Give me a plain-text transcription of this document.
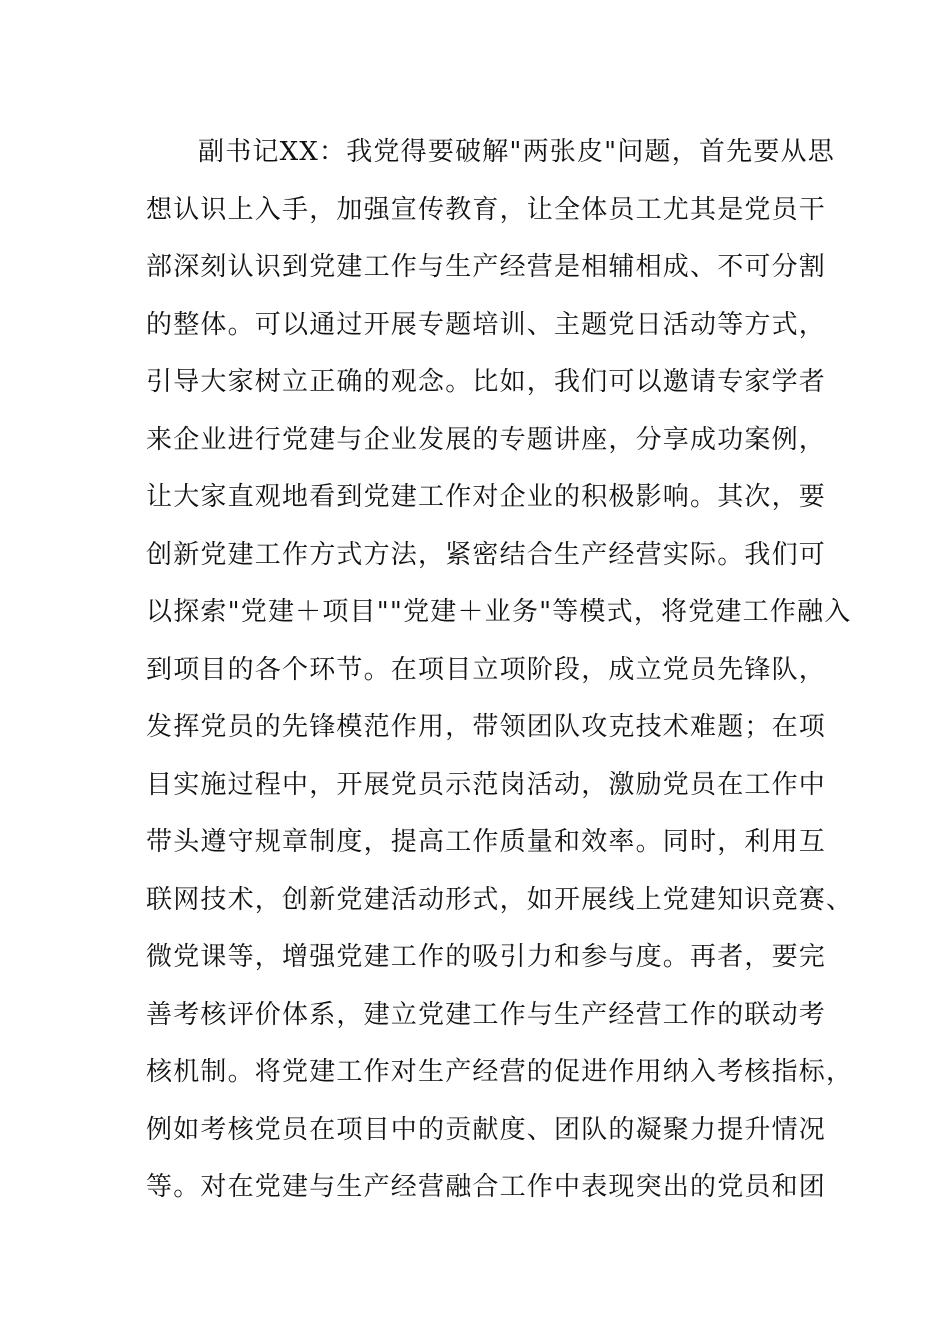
副书记XX：我党得要破解"两张皮"问题，首先要从思
想认识上入手，加强宣传教育，让全体员工尤其是党员干
部深刻认识到党建工作与生产经营是相辅相成、不可分割
的整体。可以通过开展专题培训、主题党日活动等方式，
引导大家树立正确的观念。比如，我们可以邀请专家学者
来企业进行党建与企业发展的专题讲座，分享成功案例，
让大家直观地看到党建工作对企业的积极影响。其次，要
创新党建工作方式方法，紧密结合生产经营实际。我们可
以探索"党建＋项目""党建＋业务"等模式，将党建工作融入
到项目的各个环节。在项目立项阶段，成立党员先锋队，
发挥党员的先锋模范作用，带领团队攻克技术难题；在项
目实施过程中，开展党员示范岗活动，激励党员在工作中
带头遵守规章制度，提高工作质量和效率。同时，利用互
联网技术，创新党建活动形式，如开展线上党建知识竞赛、
微党课等，增强党建工作的吸引力和参与度。再者，要完
善考核评价体系，建立党建工作与生产经营工作的联动考
核机制。将党建工作对生产经营的促进作用纳入考核指标，
例如考核党员在项目中的贡献度、团队的凝聚力提升情况
等。对在党建与生产经营融合工作中表现突出的党员和团
